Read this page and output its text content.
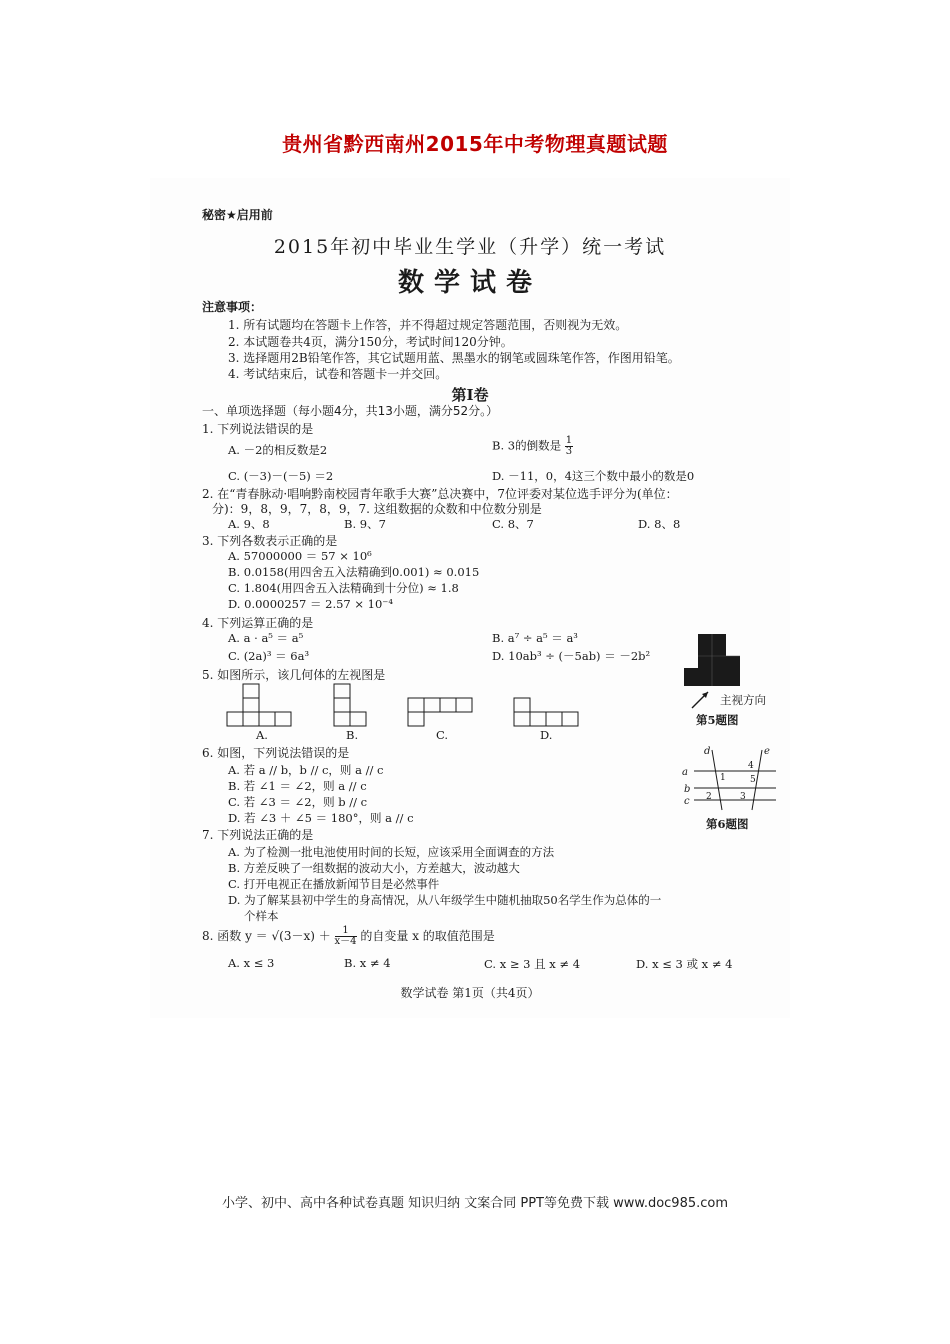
贵州省黔西南州2015年中考物理真题试题
秘密★启用前
2015年初中毕业生学业（升学）统一考试
数学试卷
注意事项：
1. 所有试题均在答题卡上作答，并不得超过规定答题范围，否则视为无效。
2. 本试题卷共4页，满分150分，考试时间120分钟。
3. 选择题用2B铅笔作答，其它试题用蓝、黑墨水的钢笔或圆珠笔作答，作图用铅笔。
4. 考试结束后，试卷和答题卡一并交回。
第Ⅰ卷
一、单项选择题（每小题4分，共13小题，满分52分。）
1. 下列说法错误的是
A. －2的相反数是2	B. 3的倒数是 $\frac{1}{3}$
C. (－3)－(－5) ＝2	D. －11，0，4这三个数中最小的数是0
2. 在“青春脉动·唱响黔南校园青年歌手大赛”总决赛中，7位评委对某位选手评分为(单位：
分)：9，8，9，7，8，9，7. 这组数据的众数和中位数分别是
A. 9、8	B. 9、7	C. 8、7	D. 8、8
3. 下列各数表示正确的是
A. 57000000 ＝ 57 × 10⁶
B. 0.0158(用四舍五入法精确到0.001) ≈ 0.015
C. 1.804(用四舍五入法精确到十分位) ≈ 1.8
D. 0.0000257 ＝ 2.57 × 10⁻⁴
4. 下列运算正确的是
A. a · a⁵ ＝ a⁵	B. a⁷ ÷ a⁵ ＝ a³
C. (2a)³ ＝ 6a³	D. 10ab³ ÷ (－5ab) ＝ －2b²
主视方向
第5题图
5. 如图所示，该几何体的左视图是
A.	B.	C.	D.
6. 如图，下列说法错误的是
A. 若 a // b，b // c，则 a // c
B. 若 ∠1 ＝ ∠2，则 a // c
C. 若 ∠3 ＝ ∠2，则 b // c
D. 若 ∠3 ＋ ∠5 ＝ 180°，则 a // c
d	e
a
b
c
1
2	3
4
5
第6题图
7. 下列说法正确的是
A. 为了检测一批电池使用时间的长短，应该采用全面调查的方法
B. 方差反映了一组数据的波动大小，方差越大，波动越大
C. 打开电视正在播放新闻节目是必然事件
D. 为了解某县初中学生的身高情况，从八年级学生中随机抽取50名学生作为总体的一
个样本
8. 函数 $y = √(3-x) + \frac{1}{x-4}$ 的自变量 x 的取值范围是
A. x ≤ 3	B. x ≠ 4	C. x ≥ 3 且 x ≠ 4	D. x ≤ 3 或 x ≠ 4
数学试卷 第1页（共4页）
小学、初中、高中各种试卷真题 知识归纳 文案合同 PPT等免费下载 www.doc985.com
